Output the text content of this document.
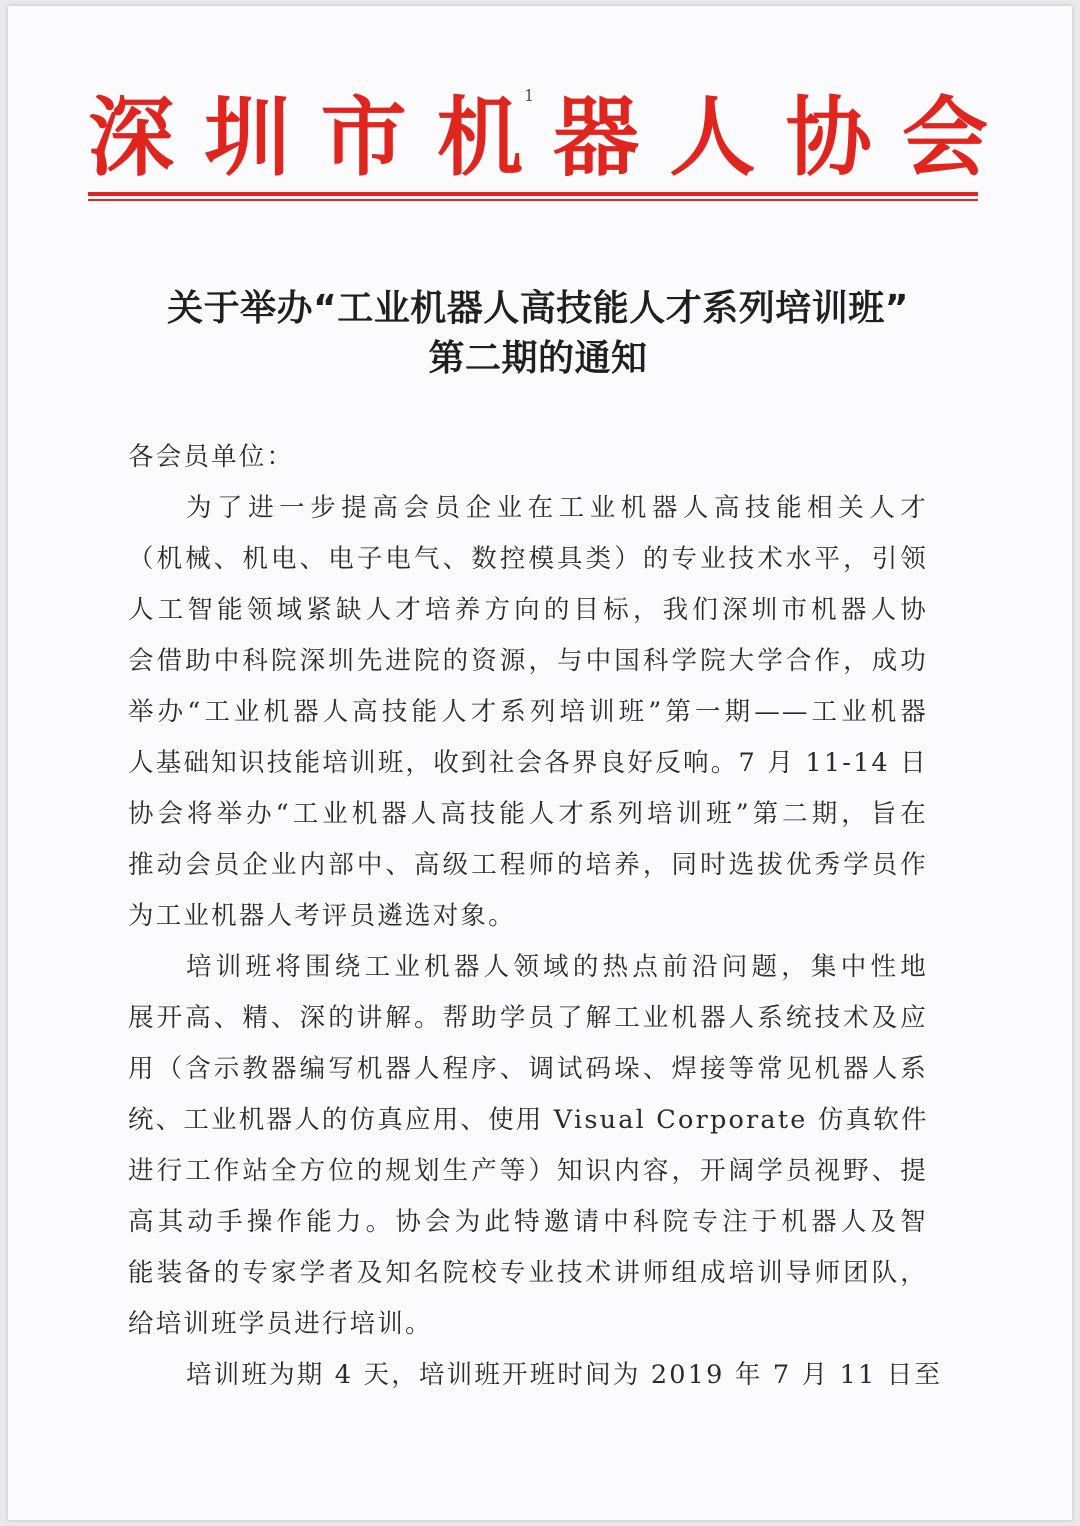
1
深 圳 市 机 器 人 协 会
关于举办“工业机器人高技能人才系列培训班”
第二期的通知
各会员单位：
为了进一步提高会员企业在工业机器人高技能相关人才
（机械、机电、电子电气、数控模具类）的专业技术水平，引领
人工智能领域紧缺人才培养方向的目标，我们深圳市机器人协
会借助中科院深圳先进院的资源，与中国科学院大学合作，成功
举办“工业机器人高技能人才系列培训班”第一期——工业机器
人基础知识技能培训班，收到社会各界良好反响。7 月 11-14 日
协会将举办“工业机器人高技能人才系列培训班”第二期，旨在
推动会员企业内部中、高级工程师的培养，同时选拔优秀学员作
为工业机器人考评员遴选对象。
培训班将围绕工业机器人领域的热点前沿问题，集中性地
展开高、精、深的讲解。帮助学员了解工业机器人系统技术及应
用（含示教器编写机器人程序、调试码垛、焊接等常见机器人系
统、工业机器人的仿真应用、使用 Visual Corporate 仿真软件
进行工作站全方位的规划生产等）知识内容，开阔学员视野、提
高其动手操作能力。协会为此特邀请中科院专注于机器人及智
能装备的专家学者及知名院校专业技术讲师组成培训导师团队，
给培训班学员进行培训。
培训班为期 4 天，培训班开班时间为 2019 年 7 月 11 日至
